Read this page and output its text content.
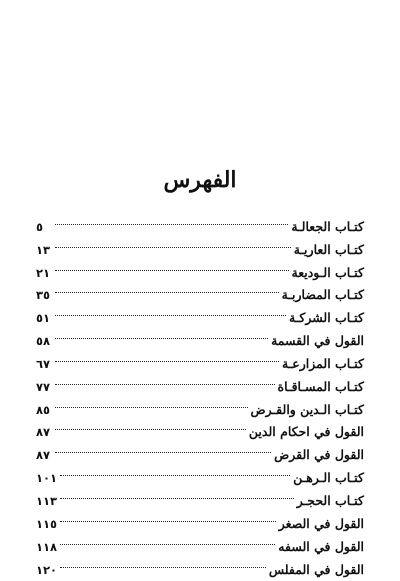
الفهرس
كتـاب الجعالـة
٥
كتـاب العاريـة
١٣
كتـاب الـوديعة
٢١
كتـاب المضاربـة
٣٥
كتـاب الشركـة
٥١
القول في القسمة
٥٨
كتـاب المزارعـة
٦٧
كتـاب المسـاقـاة
٧٧
كتـاب الـدين والقـرض
٨٥
القول في احكام الدين
٨٧
القول في القرض
٨٧
كتـاب الـرهـن
١٠١
كتـاب الحجـر
١١٣
القول في الصغر
١١٥
القول في السفه
١١٨
القول في المفلس
١٢٠
